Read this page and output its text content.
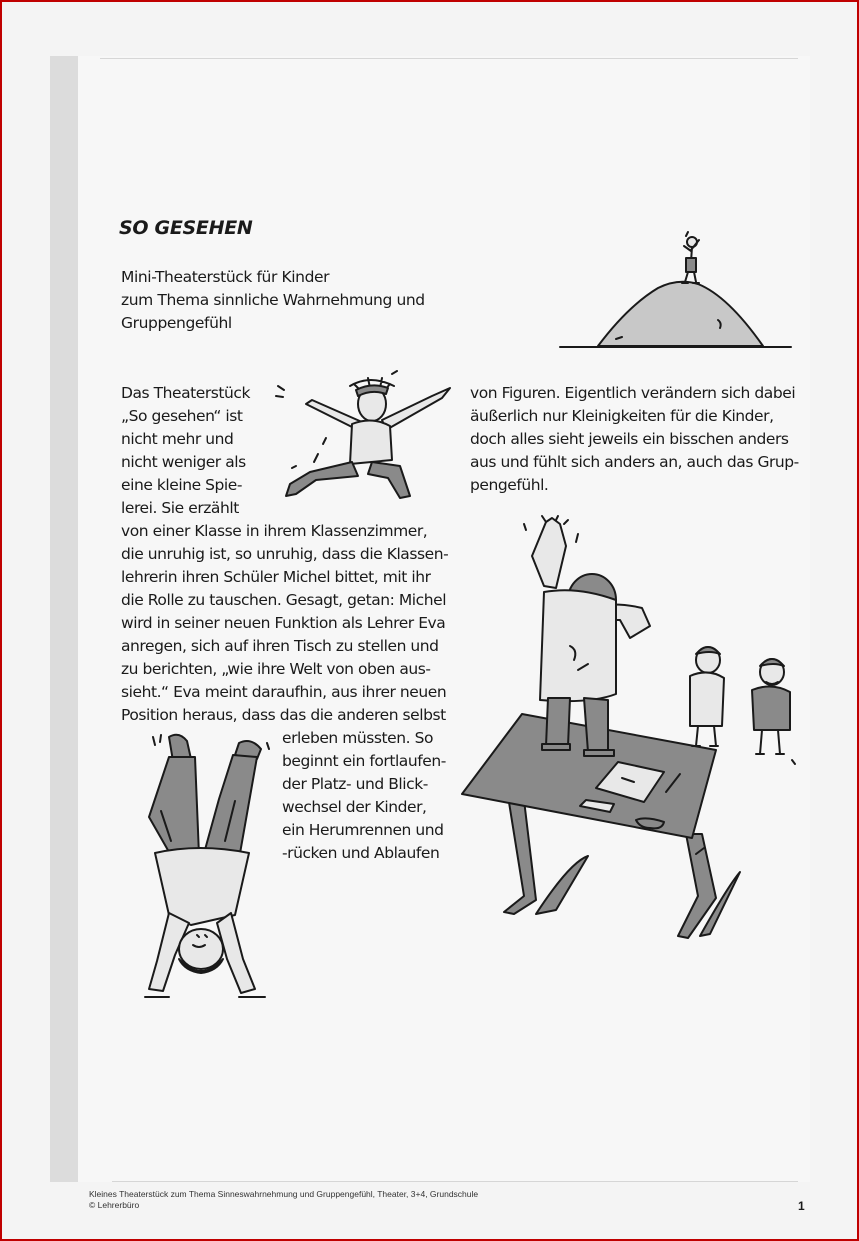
SO GESEHEN
Mini-Theaterstück für Kinder
zum Thema sinnliche Wahrnehmung und
Gruppengefühl
Das Theaterstück
„So gesehen“ ist
nicht mehr und
nicht weniger als
eine kleine Spie-
lerei. Sie erzählt
von einer Klasse in ihrem Klassenzimmer,
die unruhig ist, so unruhig, dass die Klassen-
lehrerin ihren Schüler Michel bittet, mit ihr
die Rolle zu tauschen. Gesagt, getan: Michel
wird in seiner neuen Funktion als Lehrer Eva
anregen, sich auf ihren Tisch zu stellen und
zu berichten, „wie ihre Welt von oben aus-
sieht.“ Eva meint daraufhin, aus ihrer neuen
Position heraus, dass das die anderen selbst
erleben müssten. So
beginnt ein fortlaufen-
der Platz- und Blick-
wechsel der Kinder,
ein Herumrennen und
-rücken und Ablaufen
von Figuren. Eigentlich verändern sich dabei
äußerlich nur Kleinigkeiten für die Kinder,
doch alles sieht jeweils ein bisschen anders
aus und fühlt sich anders an, auch das Grup-
pengefühl.
Kleines Theaterstück zum Thema Sinneswahrnehmung und Gruppengefühl, Theater, 3+4, Grundschule
© Lehrerbüro	1
